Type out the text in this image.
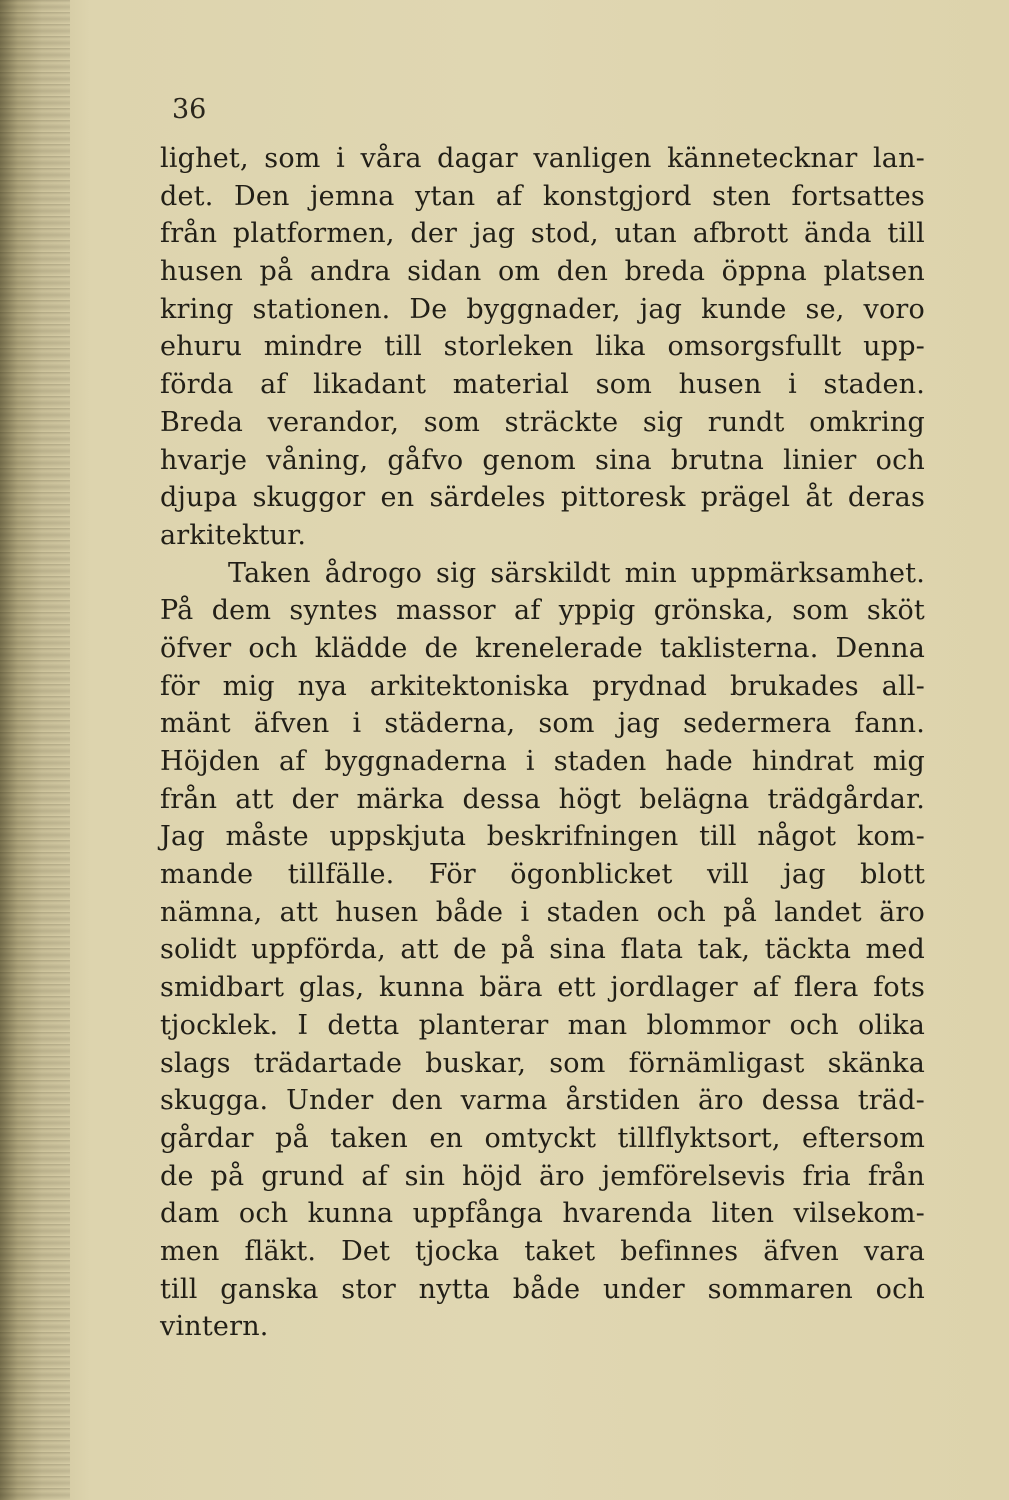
36
lighet, som i våra dagar vanligen kännetecknar lan-
det. Den jemna ytan af konstgjord sten fortsattes
från platformen, der jag stod, utan afbrott ända till
husen på andra sidan om den breda öppna platsen
kring stationen. De byggnader, jag kunde se, voro
ehuru mindre till storleken lika omsorgsfullt upp-
förda af likadant material som husen i staden.
Breda verandor, som sträckte sig rundt omkring
hvarje våning, gåfvo genom sina brutna linier och
djupa skuggor en särdeles pittoresk prägel åt deras
arkitektur.
Taken ådrogo sig särskildt min uppmärksamhet.
På dem syntes massor af yppig grönska, som sköt
öfver och klädde de krenelerade taklisterna. Denna
för mig nya arkitektoniska prydnad brukades all-
mänt äfven i städerna, som jag sedermera fann.
Höjden af byggnaderna i staden hade hindrat mig
från att der märka dessa högt belägna trädgårdar.
Jag måste uppskjuta beskrifningen till något kom-
mande tillfälle. För ögonblicket vill jag blott
nämna, att husen både i staden och på landet äro
solidt uppförda, att de på sina flata tak, täckta med
smidbart glas, kunna bära ett jordlager af flera fots
tjocklek. I detta planterar man blommor och olika
slags trädartade buskar, som förnämligast skänka
skugga. Under den varma årstiden äro dessa träd-
gårdar på taken en omtyckt tillflyktsort, eftersom
de på grund af sin höjd äro jemförelsevis fria från
dam och kunna uppfånga hvarenda liten vilsekom-
men fläkt. Det tjocka taket befinnes äfven vara
till ganska stor nytta både under sommaren och
vintern.
